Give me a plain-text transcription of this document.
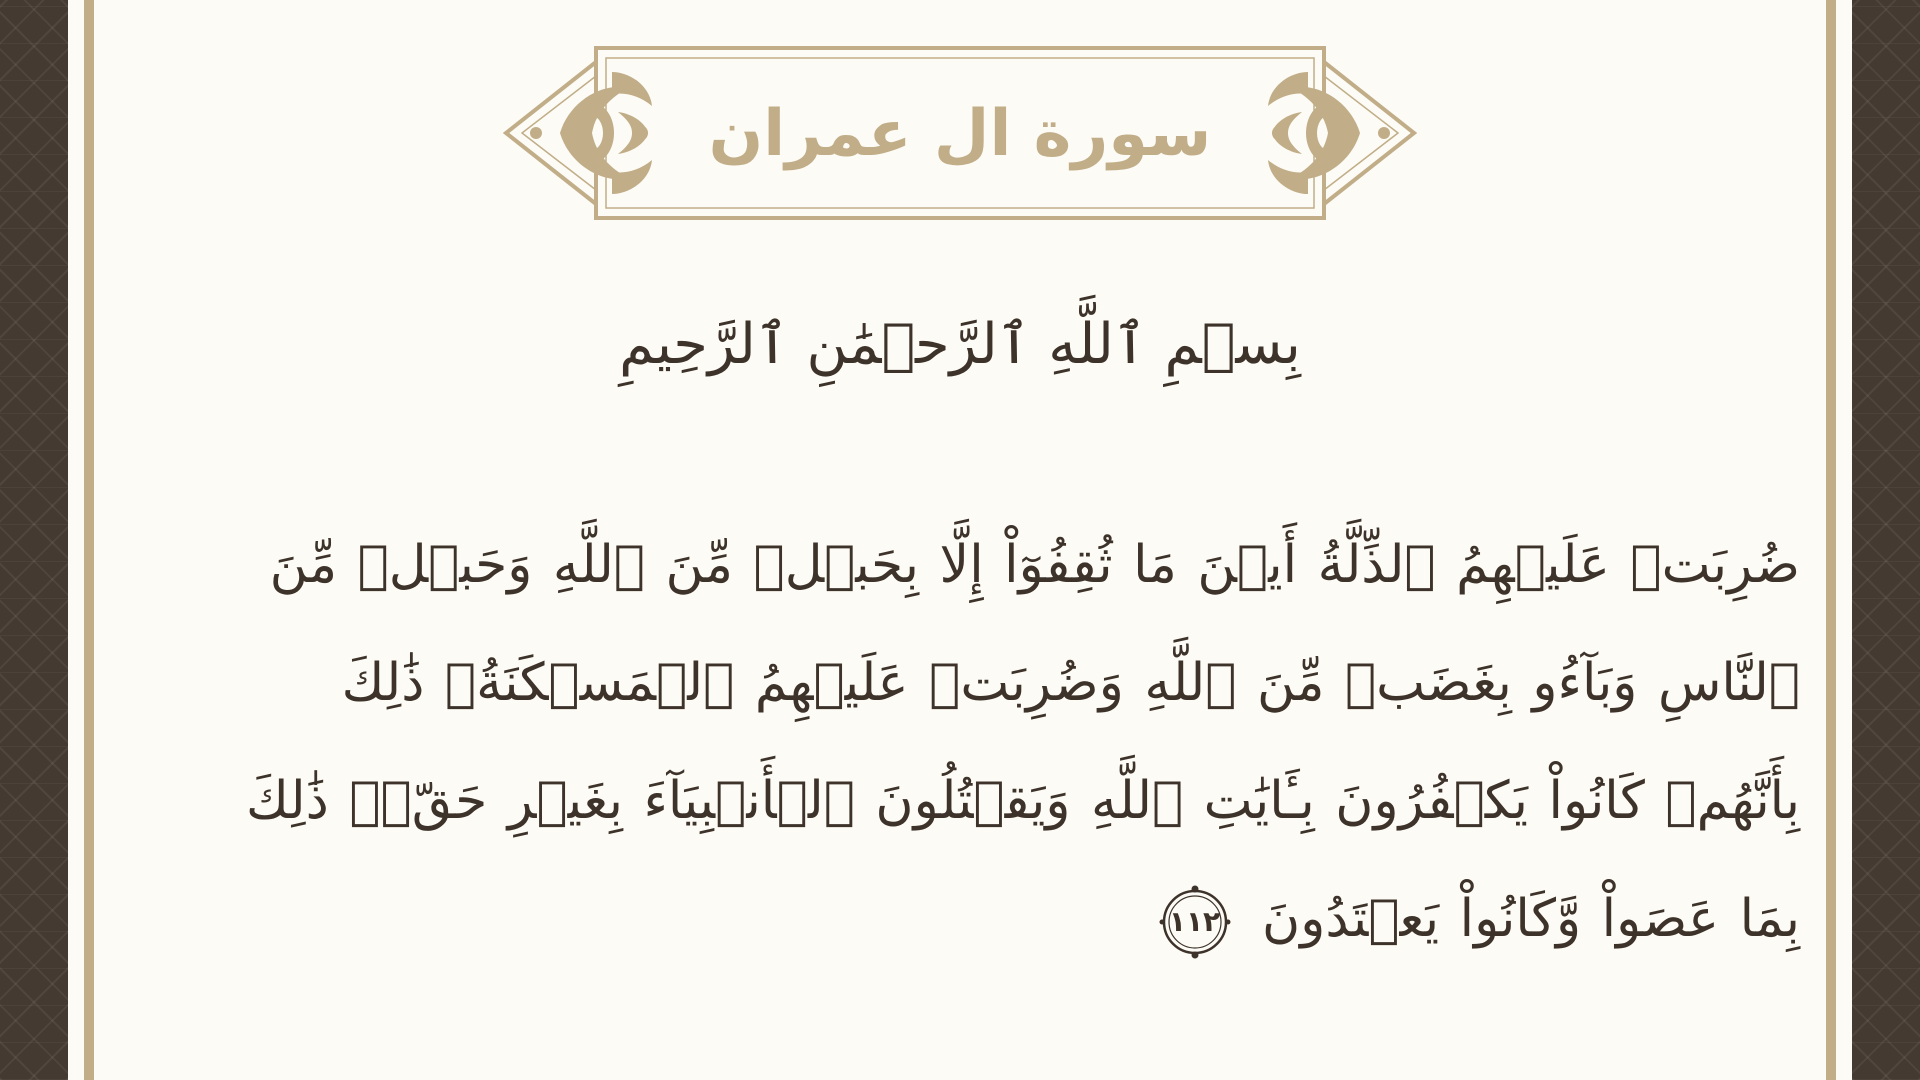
سورة ال عمران
بِسۡمِ ٱللَّهِ ٱلرَّحۡمَٰنِ ٱلرَّحِيمِ
ضُرِبَتۡ عَلَيۡهِمُ ٱلذِّلَّةُ أَيۡنَ مَا ثُقِفُوٓاْ إِلَّا بِحَبۡلٖ مِّنَ ٱللَّهِ وَحَبۡلٖ مِّنَ ٱلنَّاسِ وَبَآءُو بِغَضَبٖ مِّنَ ٱللَّهِ وَضُرِبَتۡ عَلَيۡهِمُ ٱلۡمَسۡكَنَةُۚ ذَٰلِكَ بِأَنَّهُمۡ كَانُواْ يَكۡفُرُونَ بِـَٔايَٰتِ ٱللَّهِ وَيَقۡتُلُونَ ٱلۡأَنۢبِيَآءَ بِغَيۡرِ حَقّٖۚ ذَٰلِكَ بِمَا عَصَواْ وَّكَانُواْ يَعۡتَدُونَ
١١٢
